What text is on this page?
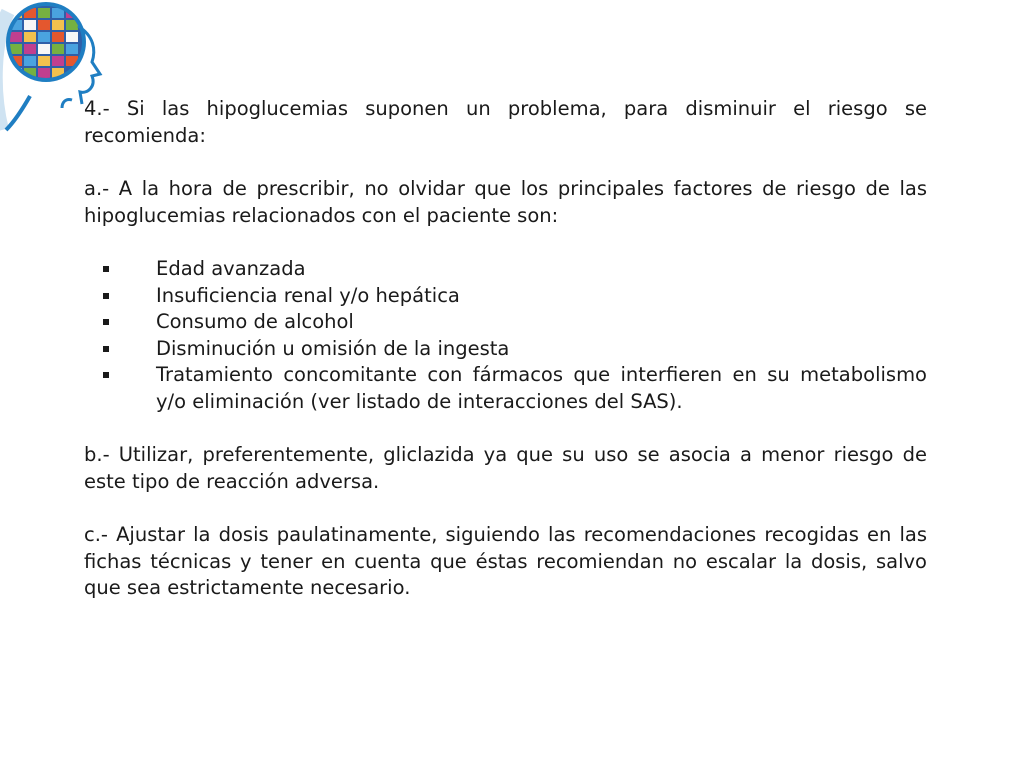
4.- Si las hipoglucemias suponen un problema, para disminuir el riesgo se recomienda:

a.- A la hora de prescribir, no olvidar que los principales factores de riesgo de las hipoglucemias relacionados con el paciente son:

Edad avanzada
Insuficiencia renal y/o hepática
Consumo de alcohol
Disminución u omisión de la ingesta
Tratamiento concomitante con fármacos que interfieren en su metabolismo y/o eliminación (ver listado de interacciones del SAS).

b.- Utilizar, preferentemente, gliclazida ya que su uso se asocia a menor riesgo de este tipo de reacción adversa.

c.- Ajustar la dosis paulatinamente, siguiendo las recomendaciones recogidas en las fichas técnicas y tener en cuenta que éstas recomiendan no escalar la dosis, salvo que sea estrictamente necesario.
